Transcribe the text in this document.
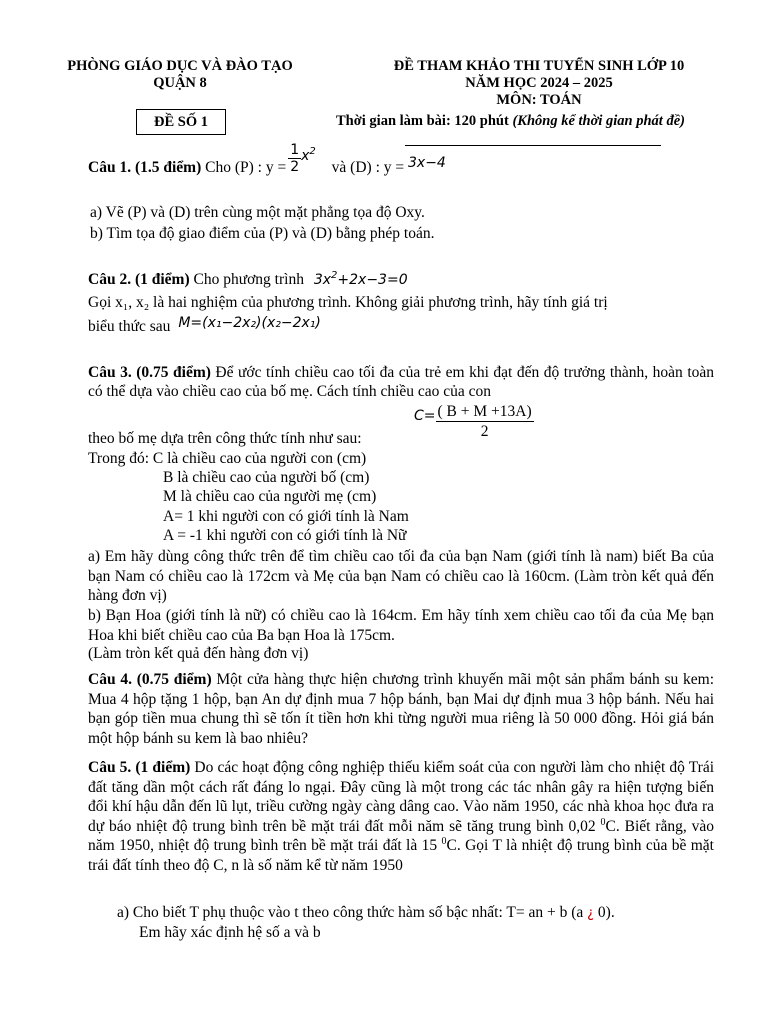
PHÒNG GIÁO DỤC VÀ ĐÀO TẠO
QUẬN 8
ĐỀ THAM KHẢO THI TUYỂN SINH LỚP 10
NĂM HỌC 2024 – 2025
MÔN: TOÁN
ĐỀ SỐ 1	Thời gian làm bài: 120 phút (Không kể thời gian phát đề)
Câu 1. (1.5 điểm) Cho (P) : $y = \frac{1}{2} x^2$ và (D) : y = 3x−4
a) Vẽ (P) và (D) trên cùng một mặt phẳng tọa độ Oxy.
b) Tìm tọa độ giao điểm của (P) và (D) bằng phép toán.
Câu 2. (1 điểm) Cho phương trình $3x^2+2x-3=0$
Gọi x₁, x₂ là hai nghiệm của phương trình. Không giải phương trình, hãy tính giá trị
biểu thức sau M=(x₁−2x₂)(x₂−2x₁)
Câu 3. (0.75 điểm) Để ước tính chiều cao tối đa của trẻ em khi đạt đến độ trưởng thành, hoàn toàn có thể dựa vào chiều cao của bố mẹ. Cách tính chiều cao của con
$C= \frac{( B + M +13A)}{2}$
theo bố mẹ dựa trên công thức tính như sau:
Trong đó: C là chiều cao của người con (cm)
B là chiều cao của người bố (cm)
M là chiều cao của người mẹ (cm)
A= 1 khi người con có giới tính là Nam
A = -1 khi người con có giới tính là Nữ
a) Em hãy dùng công thức trên để tìm chiều cao tối đa của bạn Nam (giới tính là nam) biết Ba của bạn Nam có chiều cao là 172cm và Mẹ của bạn Nam có chiều cao là 160cm. (Làm tròn kết quả đến hàng đơn vị)
b) Bạn Hoa (giới tính là nữ) có chiều cao là 164cm. Em hãy tính xem chiều cao tối đa của Mẹ bạn Hoa khi biết chiều cao của Ba bạn Hoa là 175cm.
(Làm tròn kết quả đến hàng đơn vị)
Câu 4. (0.75 điểm) Một cửa hàng thực hiện chương trình khuyến mãi một sản phẩm bánh su kem: Mua 4 hộp tặng 1 hộp, bạn An dự định mua 7 hộp bánh, bạn Mai dự định mua 3 hộp bánh. Nếu hai bạn góp tiền mua chung thì sẽ tốn ít tiền hơn khi từng người mua riêng là 50 000 đồng. Hỏi giá bán một hộp bánh su kem là bao nhiêu?
Câu 5. (1 điểm) Do các hoạt động công nghiệp thiếu kiểm soát của con người làm cho nhiệt độ Trái đất tăng dần một cách rất đáng lo ngại. Đây cũng là một trong các tác nhân gây ra hiện tượng biến đổi khí hậu dẫn đến lũ lụt, triều cường ngày càng dâng cao. Vào năm 1950, các nhà khoa học đưa ra dự báo nhiệt độ trung bình trên bề mặt trái đất mỗi năm sẽ tăng trung bình 0,02 $^0$C. Biết rằng, vào năm 1950, nhiệt độ trung bình trên bề mặt trái đất là 15 $^0$C. Gọi T là nhiệt độ trung bình của bề mặt trái đất tính theo độ C, n là số năm kể từ năm 1950
a) Cho biết T phụ thuộc vào t theo công thức hàm số bậc nhất: T= an + b (a ¿ 0).
Em hãy xác định hệ số a và b
